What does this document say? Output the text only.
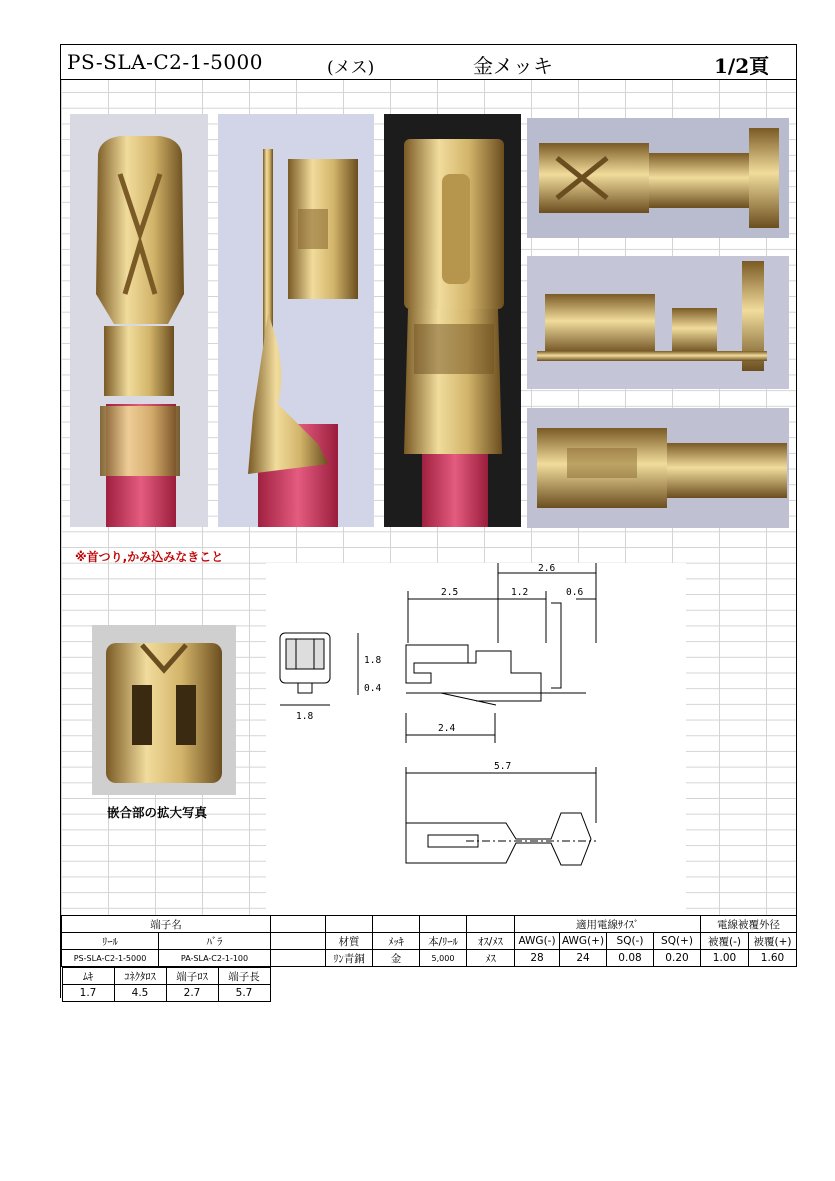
PS-SLA-C2-1-5000	(メス)	金メッキ	1/2頁
※首つり,かみ込みなきこと
嵌合部の拡大写真
2.6
2.5	1.2	0.6
1.8
0.4
1.8
2.4
5.7
端子名						適用電線ｻｲｽﾞ	電線被覆外径
ﾘｰﾙ	ﾊﾞﾗ		材質	ﾒｯｷ	本/ﾘｰﾙ	ｵｽ/ﾒｽ	AWG(-)	AWG(+)	SQ(-)	SQ(+)	被覆(-)	被覆(+)
PS-SLA-C2-1-5000	PA-SLA-C2-1-100		ﾘﾝ青銅	金	5,000	ﾒｽ	28	24	0.08	0.20	1.00	1.60

ﾑｷ	ｺﾈｸﾀﾛｽ	端子ﾛｽ	端子長
1.7	4.5	2.7	5.7
